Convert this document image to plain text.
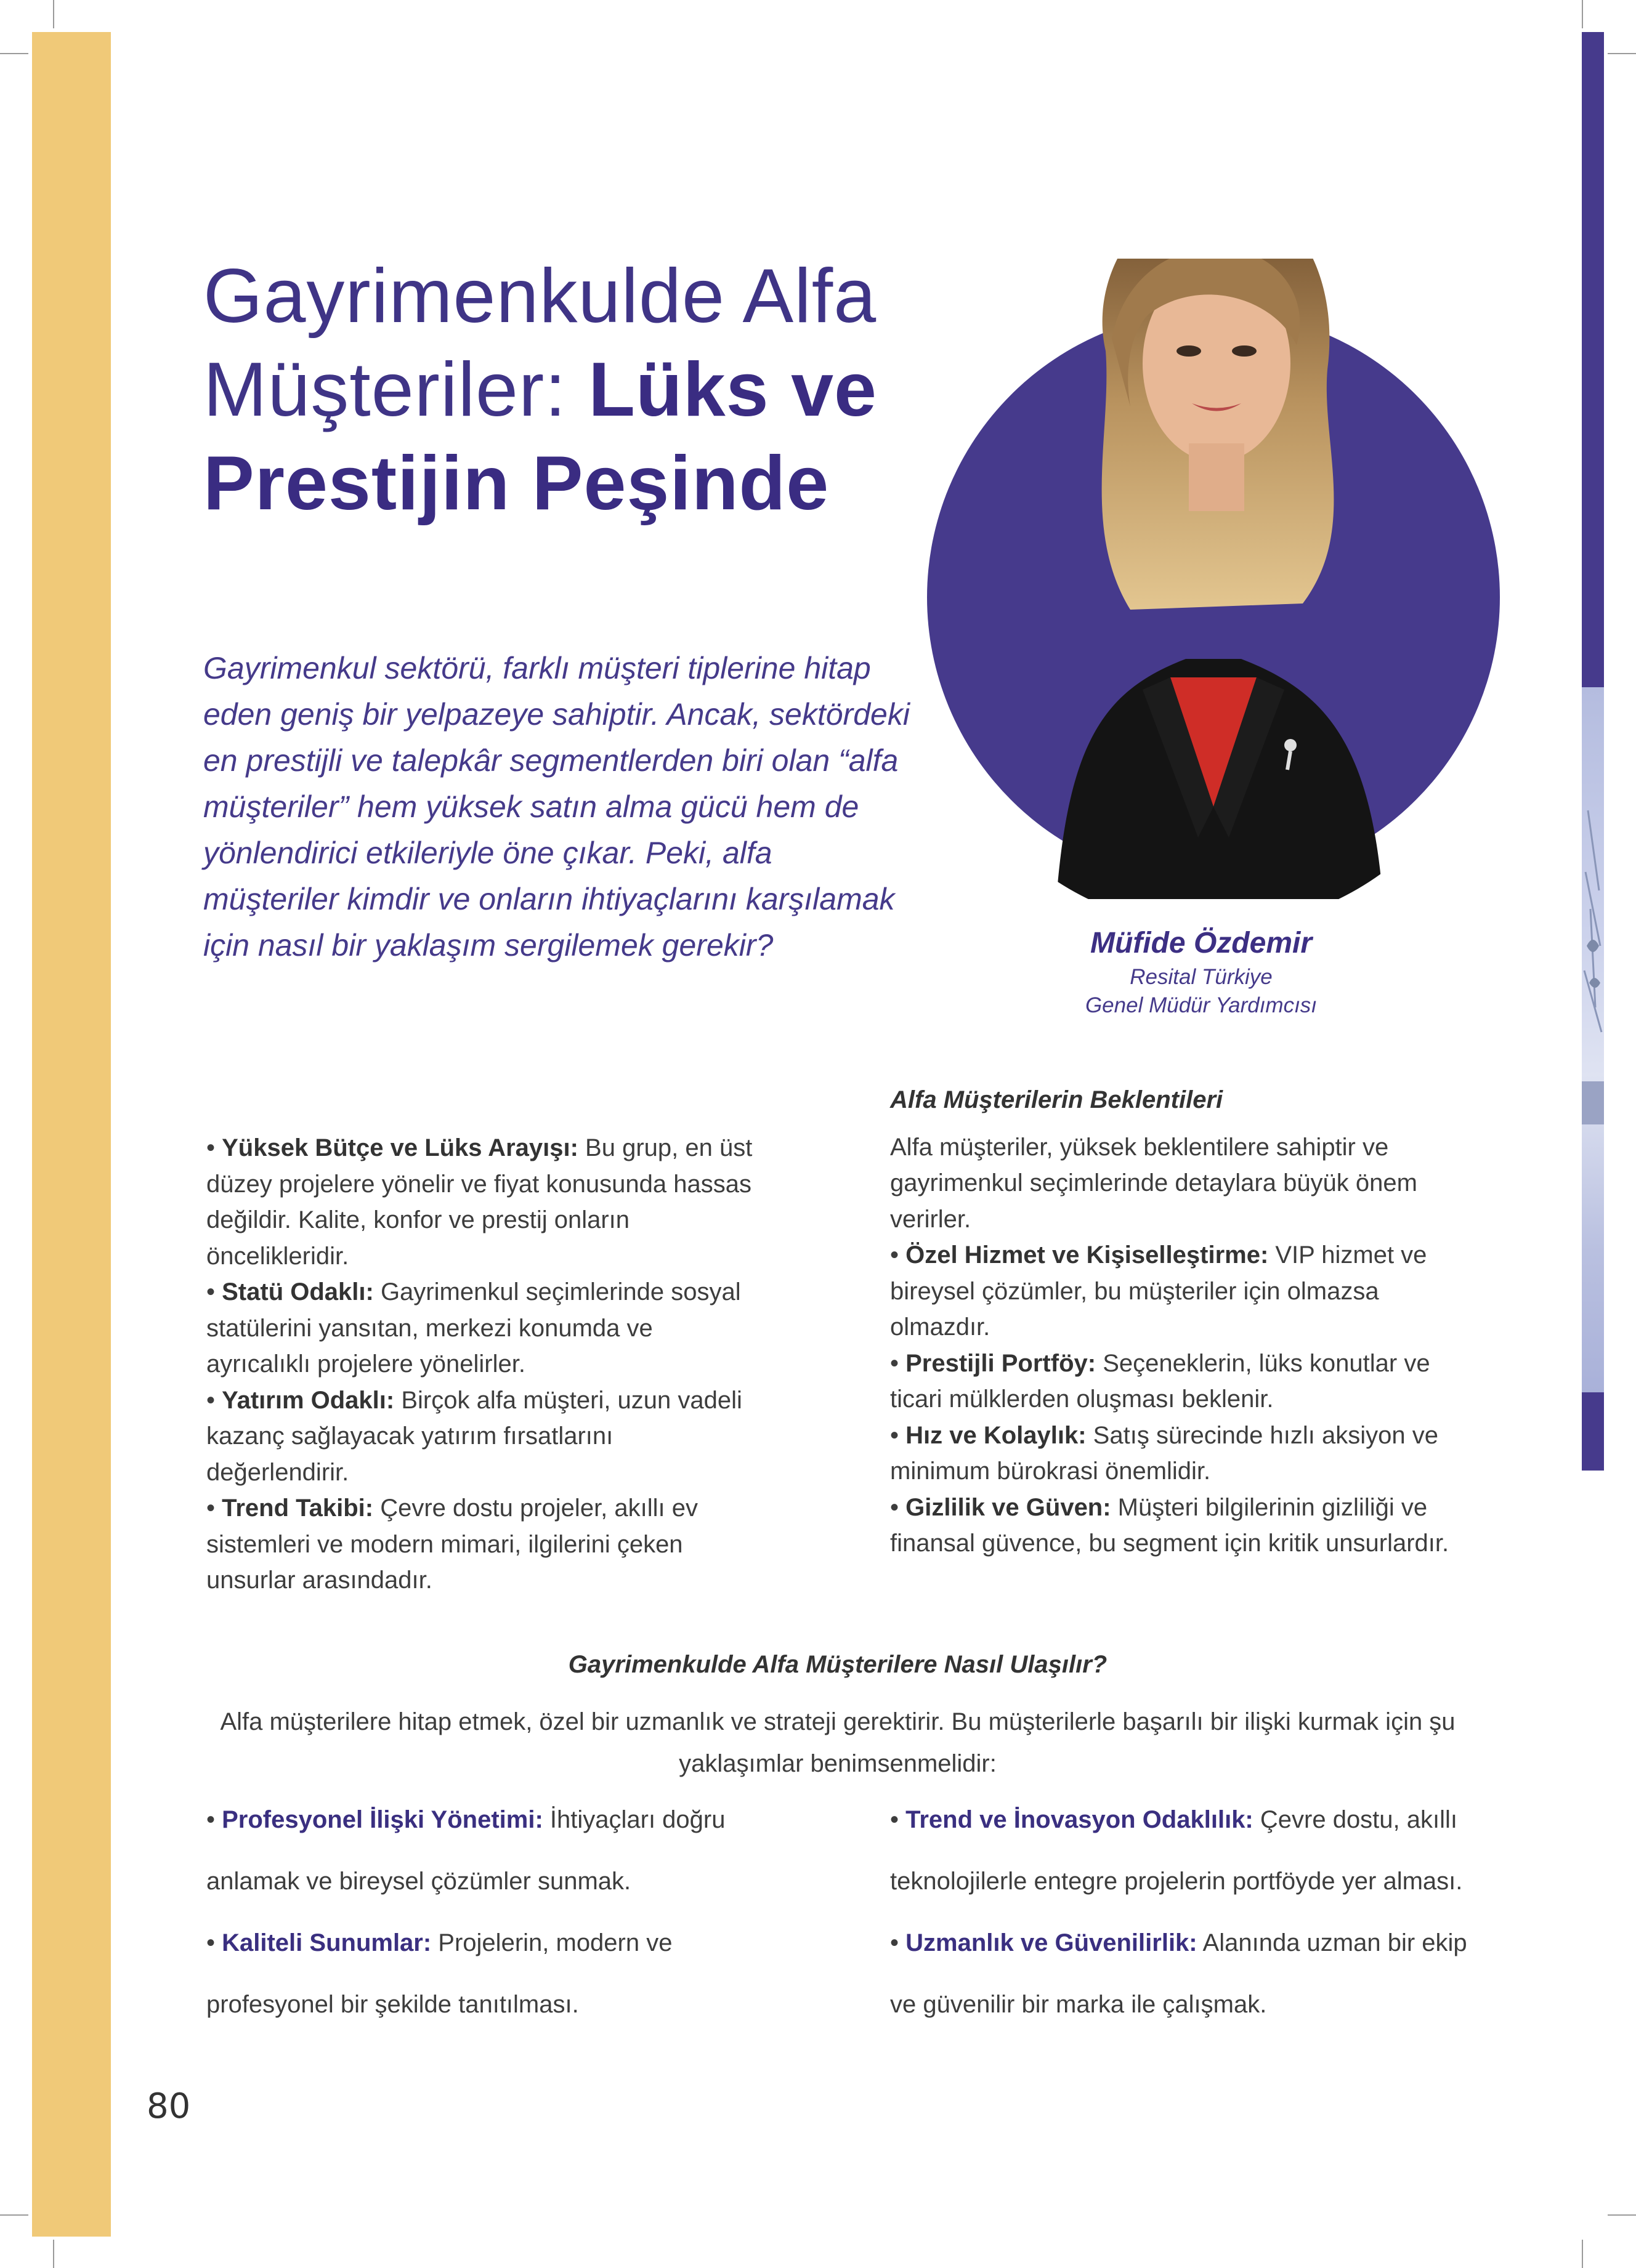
Gayrimenkulde Alfa
Müşteriler: Lüks ve
Prestijin Peşinde

Gayrimenkul sektörü, farklı müşteri tiplerine hitap eden geniş bir yelpazeye sahiptir. Ancak, sektördeki en prestijli ve talepkâr segmentlerden biri olan “alfa müşteriler” hem yüksek satın alma gücü hem de yönlendirici etkileriyle öne çıkar. Peki, alfa müşteriler kimdir ve onların ihtiyaçlarını karşılamak için nasıl bir yaklaşım sergilemek gerekir?	Müfide Özdemir
Resital Türkiye
Genel Müdür Yardımcısı

• Yüksek Bütçe ve Lüks Arayışı: Bu grup, en üst düzey projelere yönelir ve fiyat konusunda hassas değildir. Kalite, konfor ve prestij onların öncelikleridir.

• Statü Odaklı: Gayrimenkul seçimlerinde sosyal statülerini yansıtan, merkezi konumda ve ayrıcalıklı projelere yönelirler.

• Yatırım Odaklı: Birçok alfa müşteri, uzun vadeli kazanç sağlayacak yatırım fırsatlarını değerlendirir.

• Trend Takibi: Çevre dostu projeler, akıllı ev sistemleri ve modern mimari, ilgilerini çeken unsurlar arasındadır.

Alfa Müşterilerin Beklentileri

Alfa müşteriler, yüksek beklentilere sahiptir ve gayrimenkul seçimlerinde detaylara büyük önem verirler.

• Özel Hizmet ve Kişiselleştirme: VIP hizmet ve bireysel çözümler, bu müşteriler için olmazsa olmazdır.

• Prestijli Portföy: Seçeneklerin, lüks konutlar ve ticari mülklerden oluşması beklenir.

• Hız ve Kolaylık: Satış sürecinde hızlı aksiyon ve minimum bürokrasi önemlidir.

• Gizlilik ve Güven: Müşteri bilgilerinin gizliliği ve finansal güvence, bu segment için kritik unsurlardır.

Gayrimenkulde Alfa Müşterilere Nasıl Ulaşılır?

Alfa müşterilere hitap etmek, özel bir uzmanlık ve strateji gerektirir. Bu müşterilerle başarılı bir ilişki kurmak için şu yaklaşımlar benimsenmelidir:

• Profesyonel İlişki Yönetimi: İhtiyaçları doğru anlamak ve bireysel çözümler sunmak.

• Kaliteli Sunumlar: Projelerin, modern ve profesyonel bir şekilde tanıtılması.

• Trend ve İnovasyon Odaklılık: Çevre dostu, akıllı teknolojilerle entegre projelerin portföyde yer alması.

• Uzmanlık ve Güvenilirlik: Alanında uzman bir ekip ve güvenilir bir marka ile çalışmak.

80
